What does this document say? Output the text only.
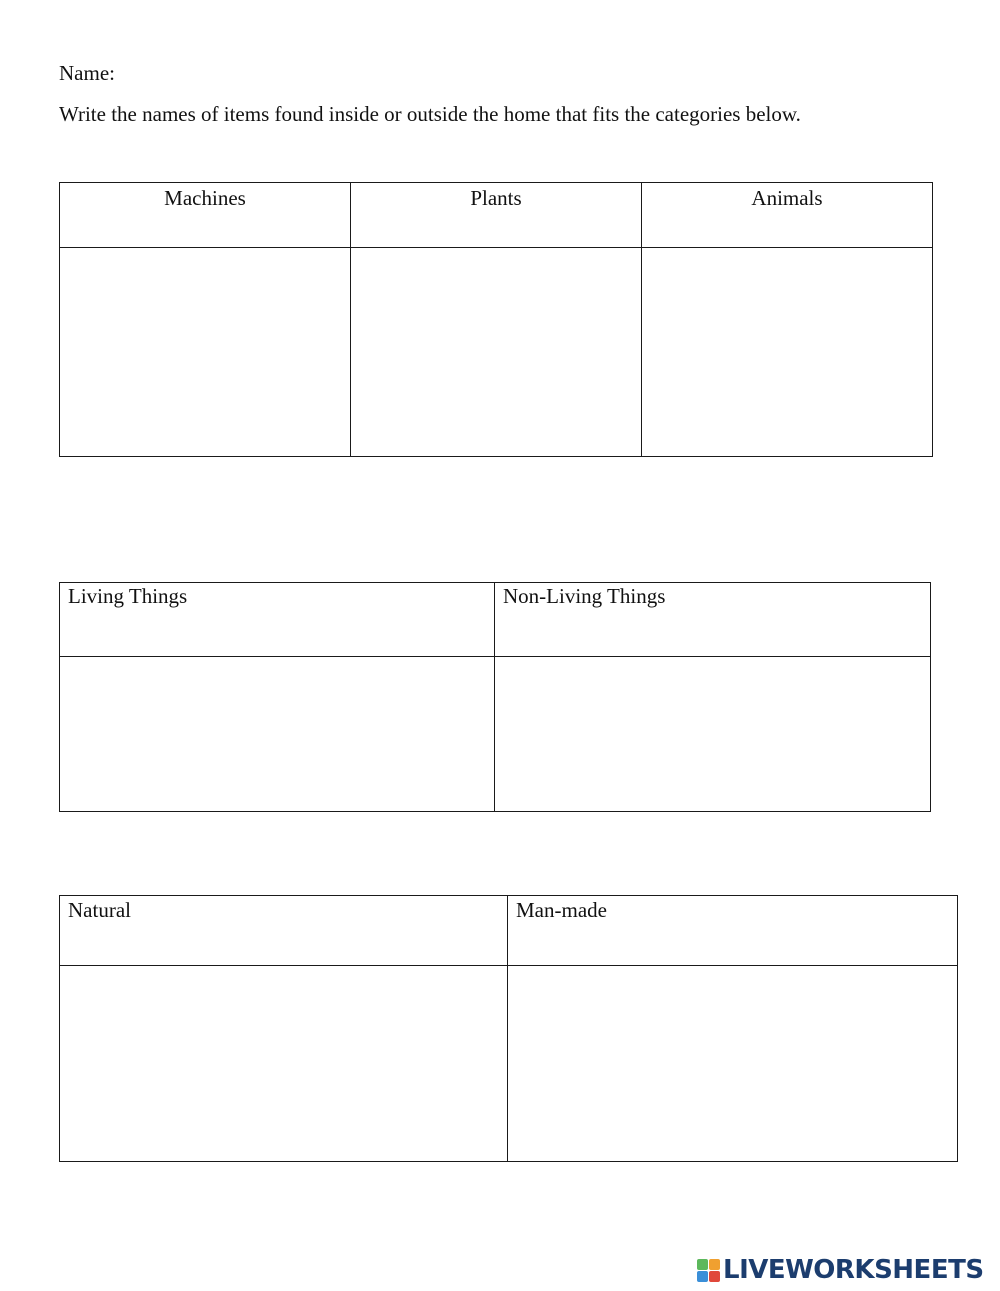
Name:
Write the names of items found inside or outside the home that fits the categories below.
Machines	Plants	Animals

Living Things	Non-Living Things

Natural	Man-made

LIVEWORKSHEETS
